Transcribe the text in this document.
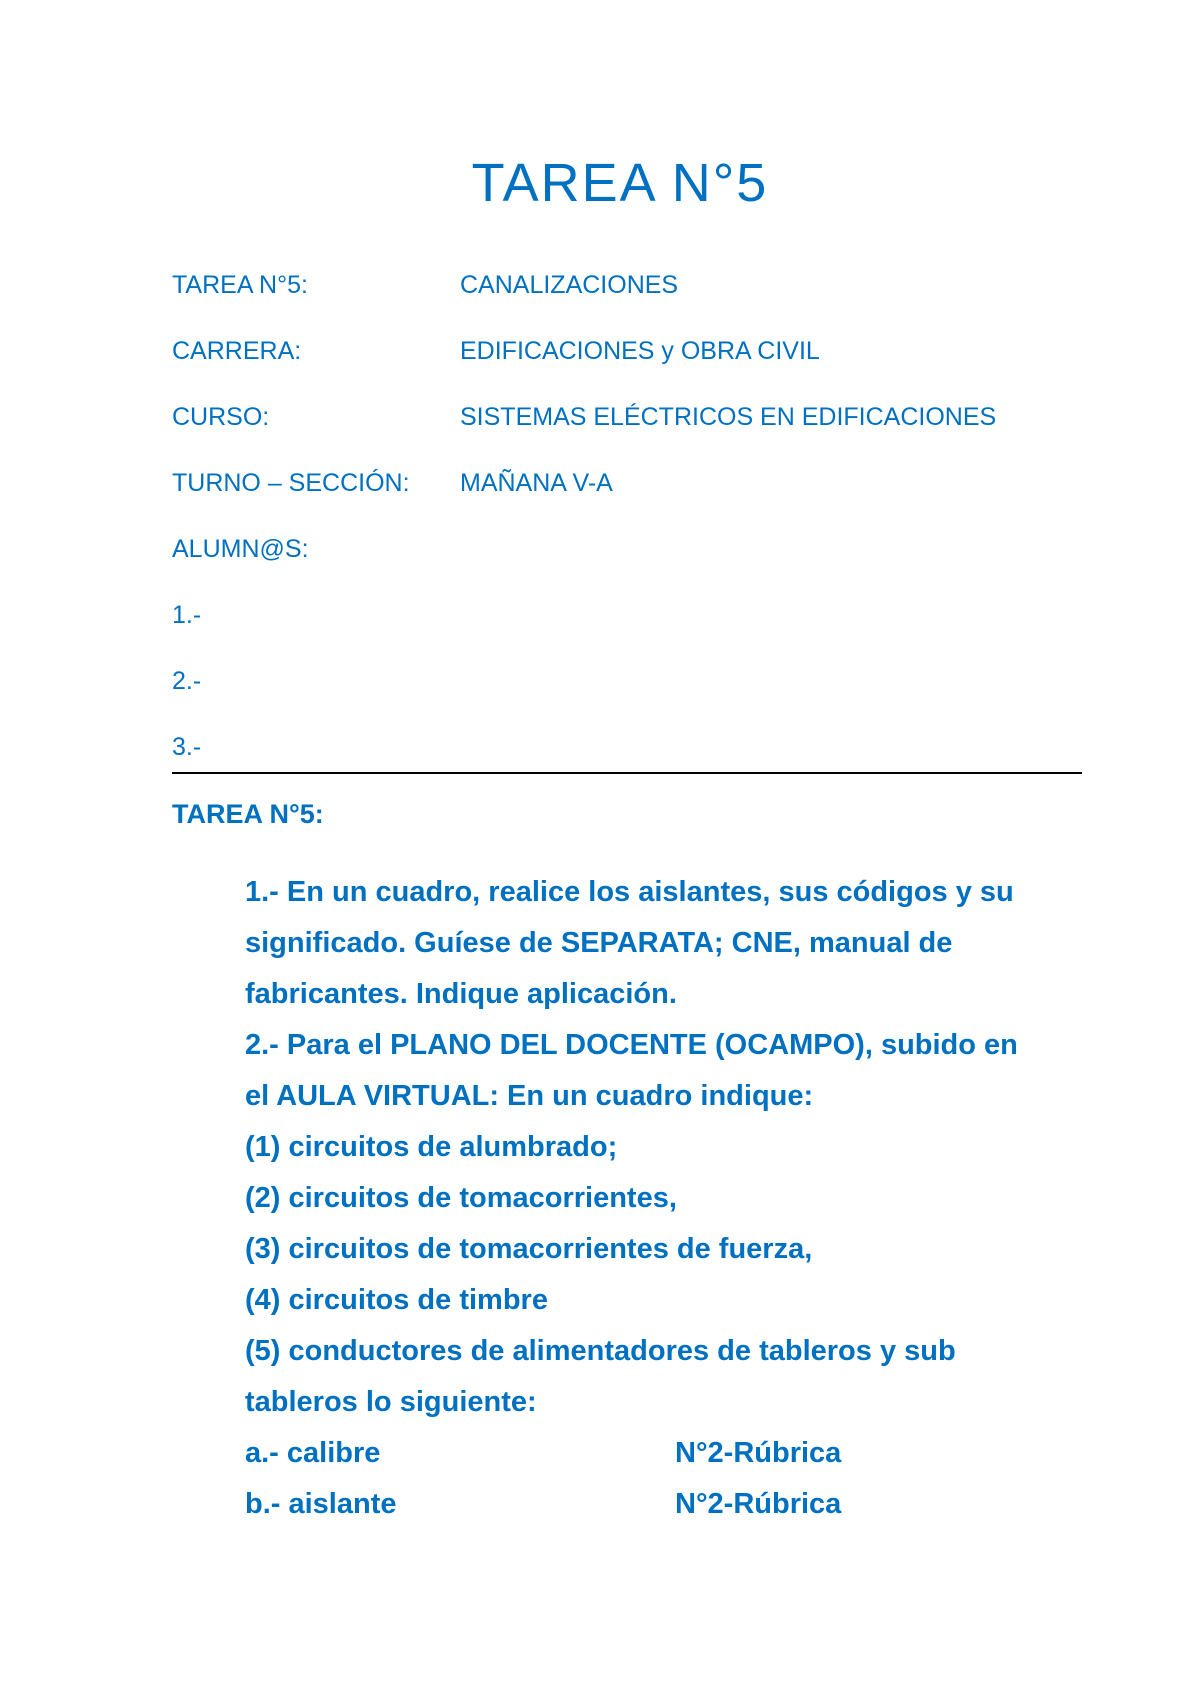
TAREA N°5
TAREA N°5:	CANALIZACIONES
CARRERA:	EDIFICACIONES y OBRA CIVIL
CURSO:	SISTEMAS ELÉCTRICOS EN EDIFICACIONES
TURNO – SECCIÓN: MAÑANA V-A
ALUMN@S:
1.-
2.-
3.-
TAREA N°5:
1.- En un cuadro, realice los aislantes, sus códigos y su
significado. Guíese de SEPARATA; CNE, manual de
fabricantes. Indique aplicación.
2.- Para el PLANO DEL DOCENTE (OCAMPO), subido en
el AULA VIRTUAL: En un cuadro indique:
(1) circuitos de alumbrado;
(2) circuitos de tomacorrientes,
(3) circuitos de tomacorrientes de fuerza,
(4) circuitos de timbre
(5) conductores de alimentadores de tableros y sub
tableros lo siguiente:
a.- calibre	N°2-Rúbrica
b.- aislante	N°2-Rúbrica
